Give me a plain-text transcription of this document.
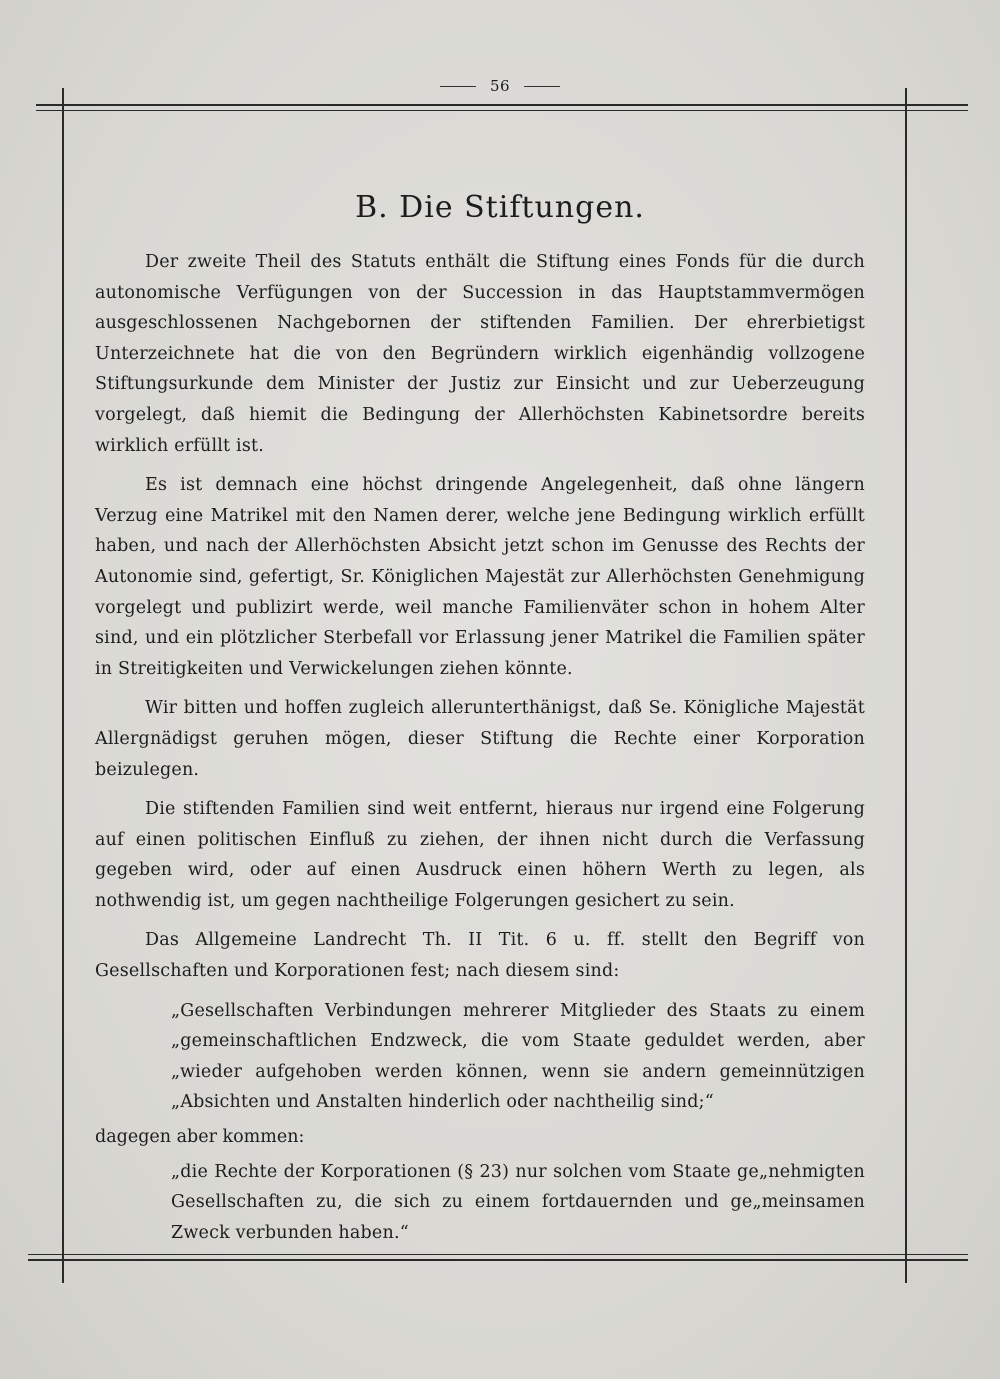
56
B. Die Stiftungen.

Der zweite Theil des Statuts enthält die Stiftung eines Fonds für die durch autonomische Verfügungen von der Succession in das Hauptstammvermögen ausgeschlossenen Nachgebornen der stiftenden Familien. Der ehrerbietigst Unterzeichnete hat die von den Begründern wirklich eigenhändig vollzogene Stiftungsurkunde dem Minister der Justiz zur Einsicht und zur Ueberzeugung vorgelegt, daß hiemit die Bedingung der Allerhöchsten Kabinetsordre bereits wirklich erfüllt ist.

Es ist demnach eine höchst dringende Angelegenheit, daß ohne längern Verzug eine Matrikel mit den Namen derer, welche jene Bedingung wirklich erfüllt haben, und nach der Allerhöchsten Absicht jetzt schon im Genusse des Rechts der Autonomie sind, gefertigt, Sr. Königlichen Majestät zur Allerhöchsten Genehmigung vorgelegt und publizirt werde, weil manche Familienväter schon in hohem Alter sind, und ein plötzlicher Sterbefall vor Erlassung jener Matrikel die Familien später in Streitigkeiten und Verwickelungen ziehen könnte.

Wir bitten und hoffen zugleich allerunterthänigst, daß Se. Königliche Majestät Allergnädigst geruhen mögen, dieser Stiftung die Rechte einer Korporation beizulegen.

Die stiftenden Familien sind weit entfernt, hieraus nur irgend eine Folgerung auf einen politischen Einfluß zu ziehen, der ihnen nicht durch die Verfassung gegeben wird, oder auf einen Ausdruck einen höhern Werth zu legen, als nothwendig ist, um gegen nachtheilige Folgerungen gesichert zu sein.

Das Allgemeine Landrecht Th. II Tit. 6 u. ff. stellt den Begriff von Gesellschaften und Korporationen fest; nach diesem sind:

„Gesellschaften Verbindungen mehrerer Mitglieder des Staats zu einem „gemeinschaftlichen Endzweck, die vom Staate geduldet werden, aber „wieder aufgehoben werden können, wenn sie andern gemeinnützigen „Absichten und Anstalten hinderlich oder nachtheilig sind;“
dagegen aber kommen:
„die Rechte der Korporationen (§ 23) nur solchen vom Staate ge„nehmigten Gesellschaften zu, die sich zu einem fortdauernden und ge„meinsamen Zweck verbunden haben.“
